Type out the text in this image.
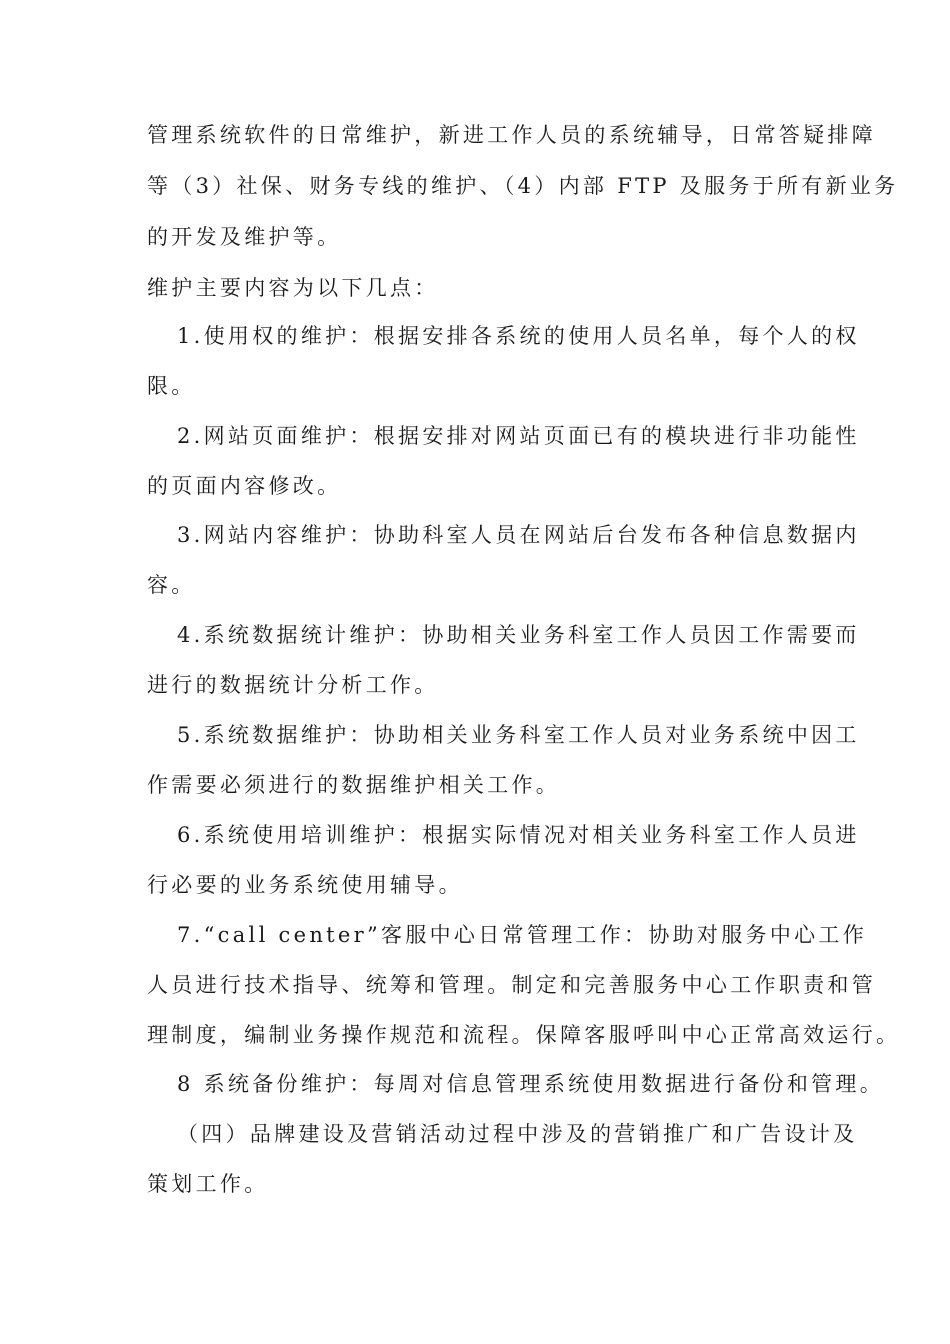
管理系统软件的日常维护，新进工作人员的系统辅导，日常答疑排障
等（3）社保、财务专线的维护、（4）内部 FTP 及服务于所有新业务
的开发及维护等。
维护主要内容为以下几点：
1.使用权的维护：根据安排各系统的使用人员名单，每个人的权
限。
2.网站页面维护：根据安排对网站页面已有的模块进行非功能性
的页面内容修改。
3.网站内容维护：协助科室人员在网站后台发布各种信息数据内
容。
4.系统数据统计维护：协助相关业务科室工作人员因工作需要而
进行的数据统计分析工作。
5.系统数据维护：协助相关业务科室工作人员对业务系统中因工
作需要必须进行的数据维护相关工作。
6.系统使用培训维护：根据实际情况对相关业务科室工作人员进
行必要的业务系统使用辅导。
7.“call center”客服中心日常管理工作：协助对服务中心工作
人员进行技术指导、统筹和管理。制定和完善服务中心工作职责和管
理制度，编制业务操作规范和流程。保障客服呼叫中心正常高效运行。
8 系统备份维护：每周对信息管理系统使用数据进行备份和管理。
（四）品牌建设及营销活动过程中涉及的营销推广和广告设计及
策划工作。
